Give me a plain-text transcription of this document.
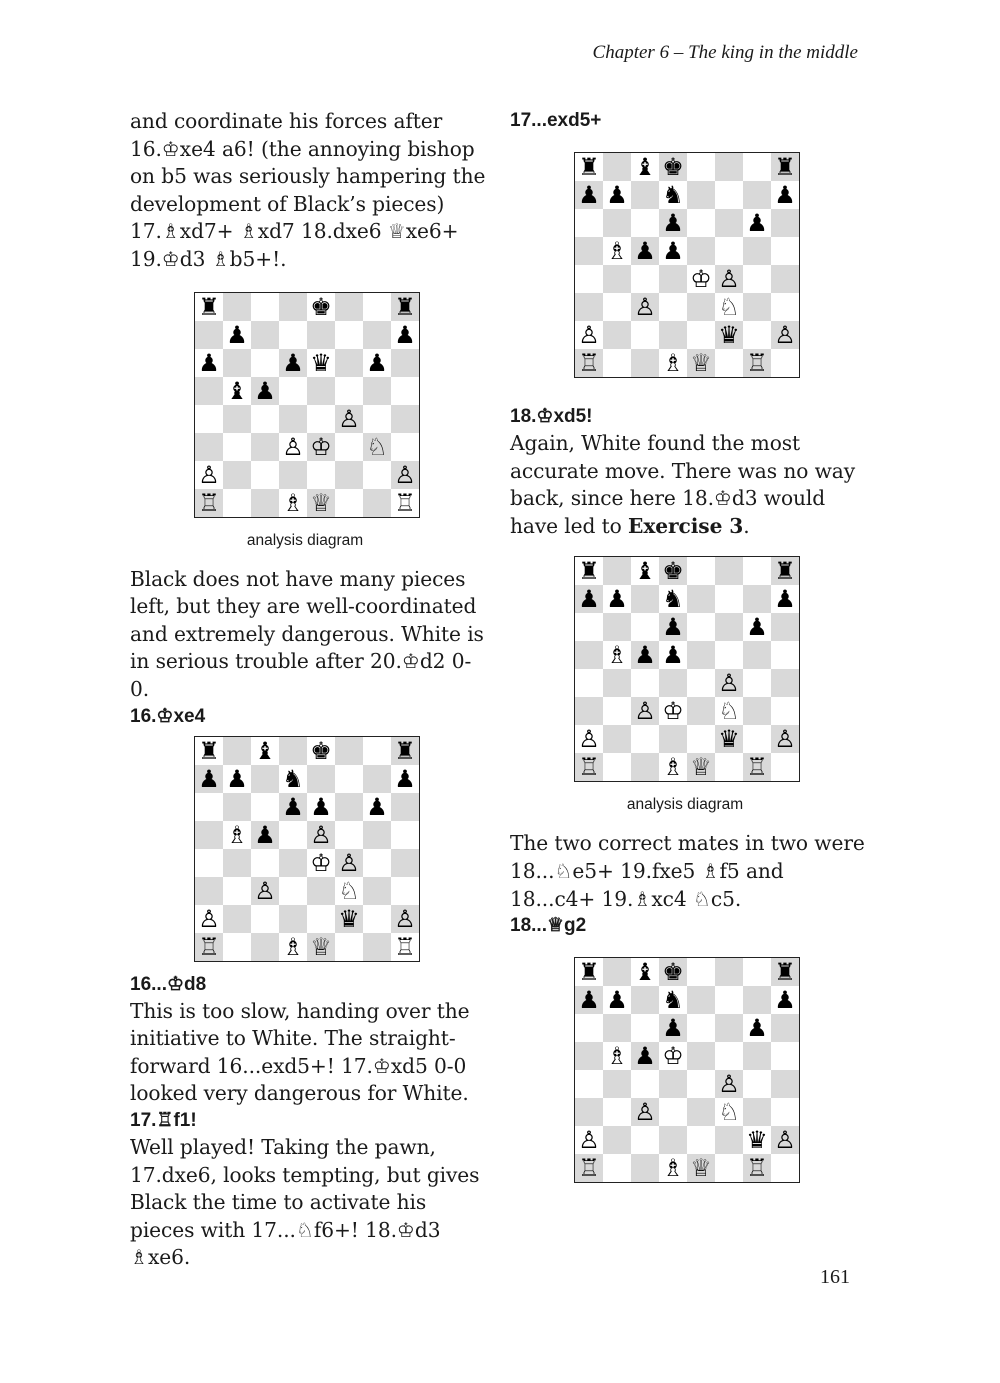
Chapter 6 – The king in the middle
and coordinate his forces after 16.♔xe4 a6! (the annoying bishop on b5 was seriously hampering the development of Black’s pieces) 17.♗xd7+ ♗xd7 18.dxe6 ♕xe6+ 19.♔d3 ♗b5+!.
♜	♚	♜
♟	♟
♟	♟ ♛ ♟
♝ ♟
♙
♙ ♔ ♘
♙	♙
♖	♗ ♕	♖
analysis diagram
Black does not have many pieces left, but they are well-coordinated and extremely dangerous. White is in serious trouble after 20.♔d2 0-0.
16.♔xe4
♜ ♝ ♚	♜
♟ ♟ ♞	♟
♟ ♟ ♟
♗ ♟ ♙
♔ ♙
♙	♘
♙	♛ ♙
♖	♗ ♕	♖
16...♔d8
This is too slow, handing over the initiative to White. The straight-forward 16...exd5+! 17.♔xd5 0-0 looked very dangerous for White.
17.♖f1!
Well played! Taking the pawn, 17.dxe6, looks tempting, but gives Black the time to activate his pieces with 17...♘f6+! 18.♔d3 ♗xe6.
17...exd5+
♜ ♝ ♚	♜
♟ ♟ ♞	♟
♟	♟
♗ ♟ ♟
♔ ♙
♙	♘
♙	♛ ♙
♖	♗ ♕ ♖
18.♔xd5!
Again, White found the most accurate move. There was no way back, since here 18.♔d3 would have led to Exercise 3.
♜ ♝ ♚	♜
♟ ♟ ♞	♟
♟	♟
♗ ♟ ♟
♙
♙ ♔ ♘
♙	♛ ♙
♖	♗ ♕ ♖
analysis diagram
The two correct mates in two were 18...♘e5+ 19.fxe5 ♗f5 and 18...c4+ 19.♗xc4 ♘c5.
18...♕g2
♜ ♝ ♚	♜
♟ ♟ ♞	♟
♟	♟
♗ ♟ ♔
♙
♙	♘
♙	♛ ♙
♖	♗ ♕ ♖
161
